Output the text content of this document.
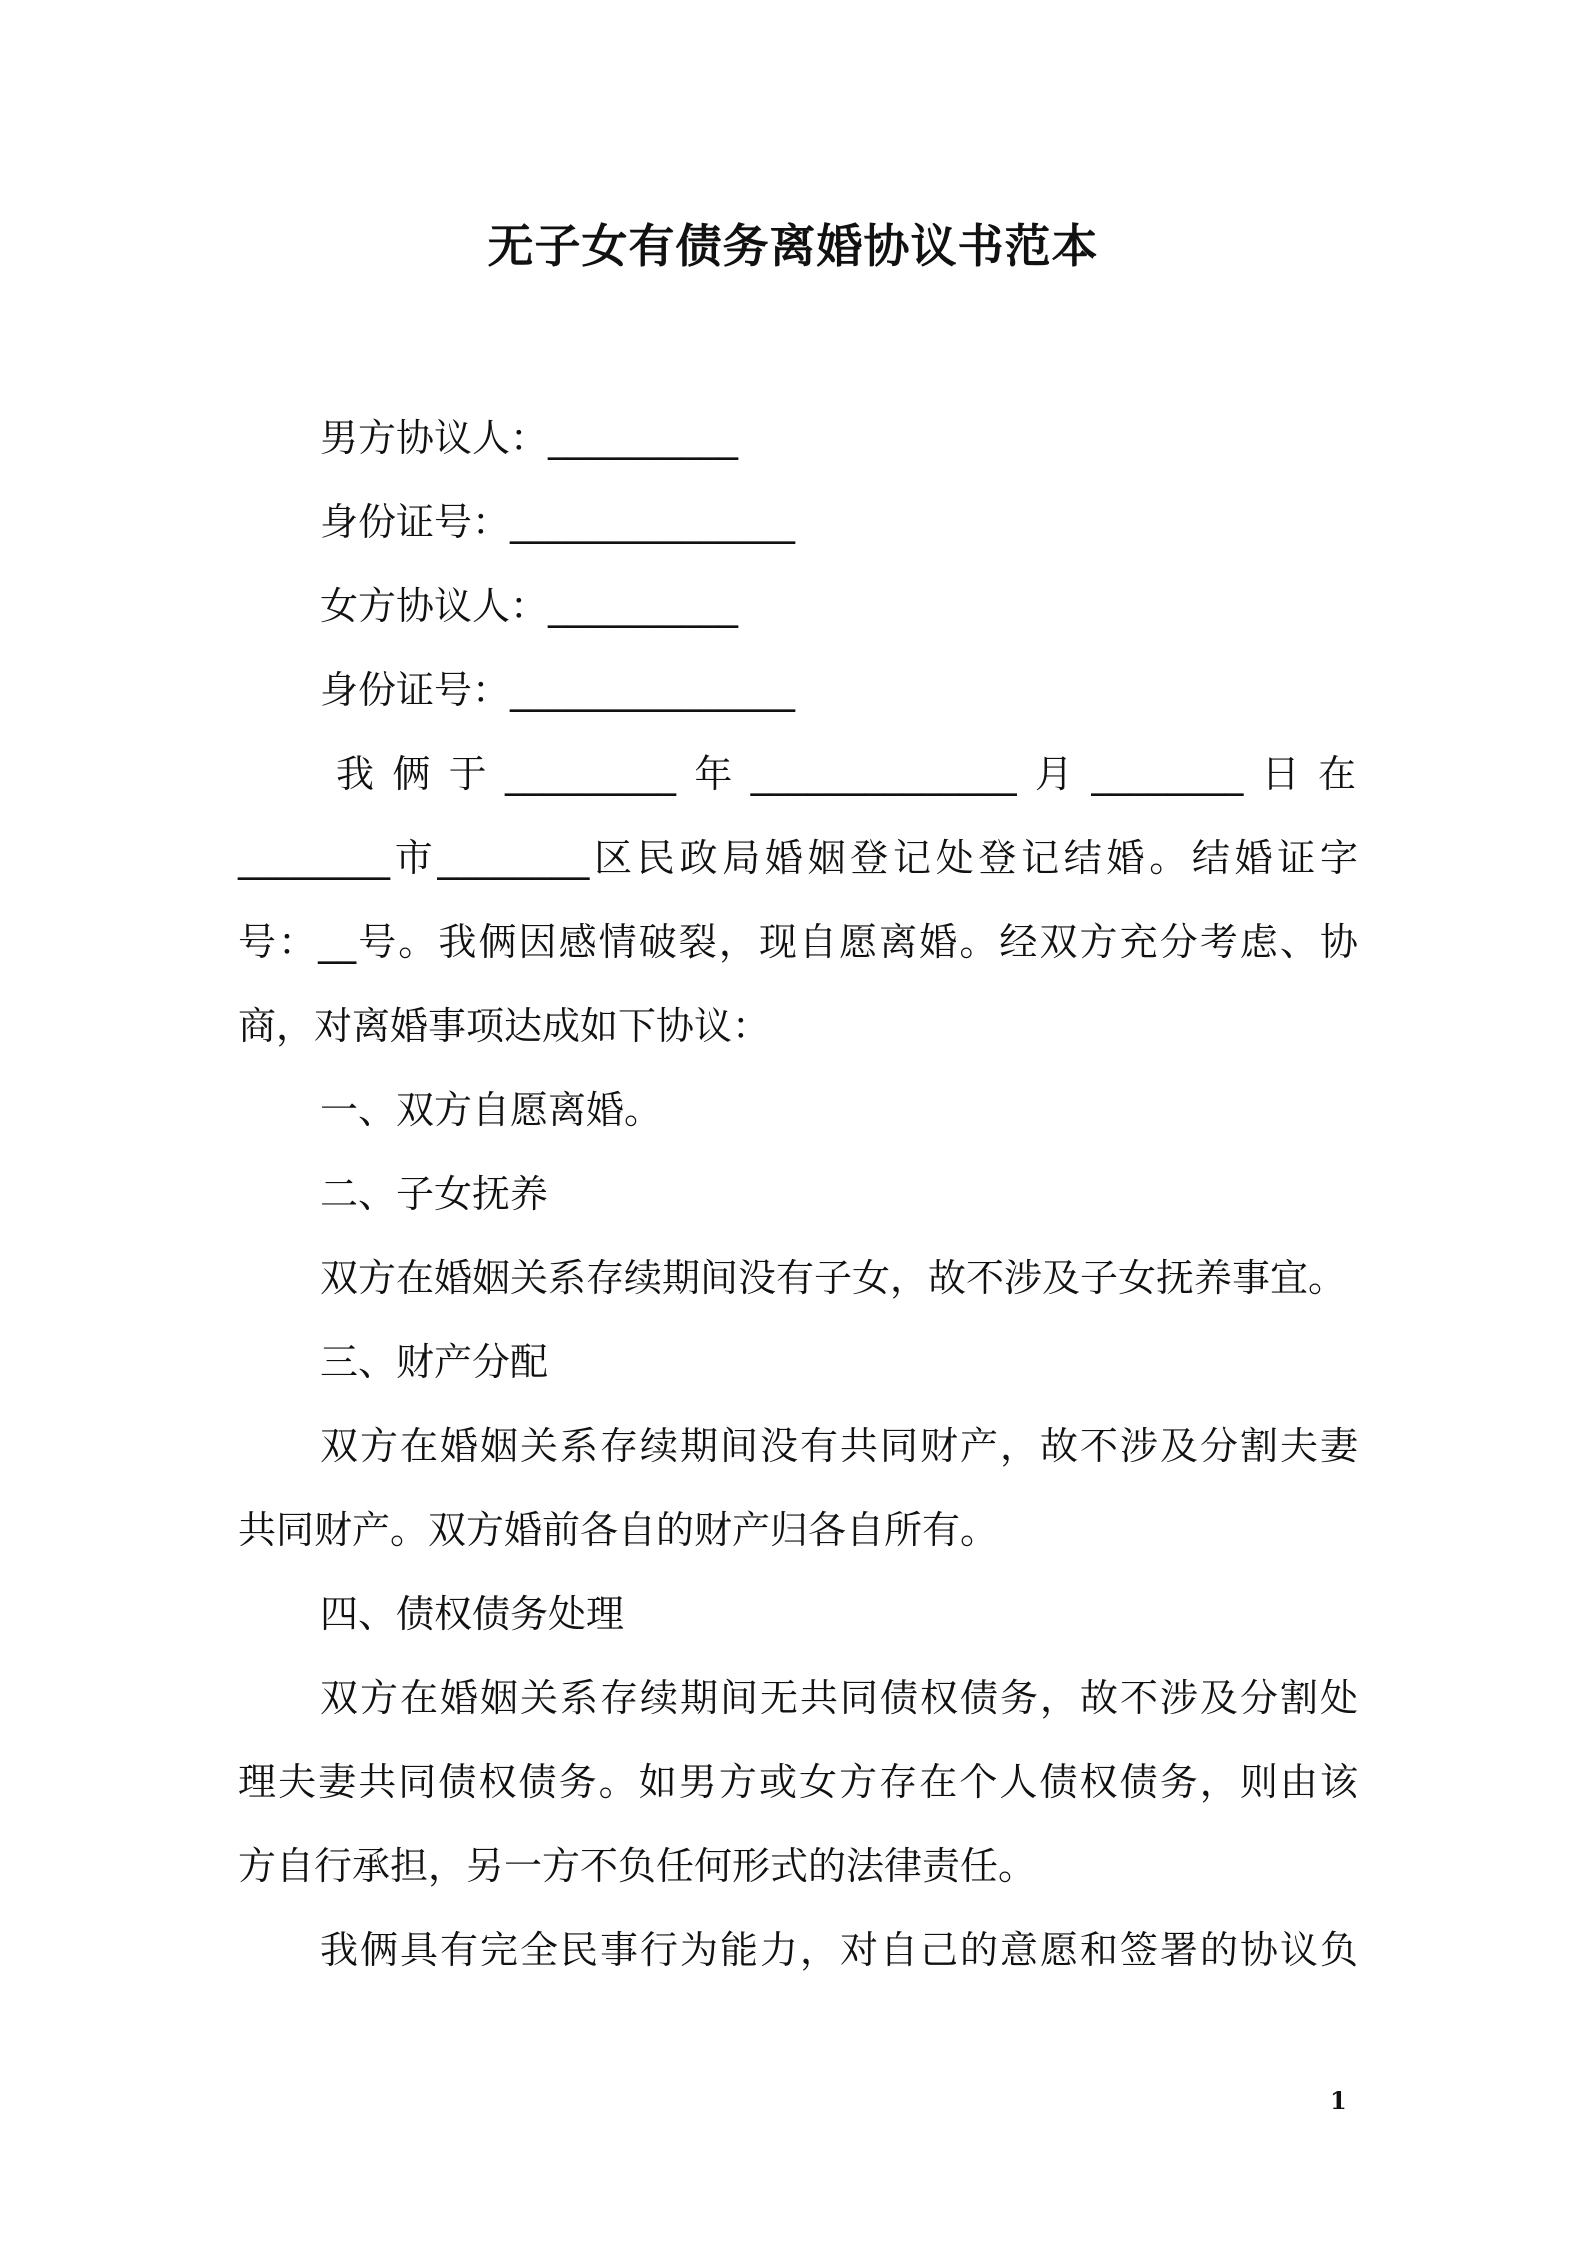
无子女有债务离婚协议书范本
男方协议人：__________
身份证号：_______________
女方协议人：__________
身份证号：_______________
我俩于_________年______________月________日在
________市________区民政局婚姻登记处登记结婚。结婚证字
号：__号。我俩因感情破裂，现自愿离婚。经双方充分考虑、协
商，对离婚事项达成如下协议：
一、双方自愿离婚。
二、子女抚养
双方在婚姻关系存续期间没有子女，故不涉及子女抚养事宜。
三、财产分配
双方在婚姻关系存续期间没有共同财产，故不涉及分割夫妻
共同财产。双方婚前各自的财产归各自所有。
四、债权债务处理
双方在婚姻关系存续期间无共同债权债务，故不涉及分割处
理夫妻共同债权债务。如男方或女方存在个人债权债务，则由该
方自行承担，另一方不负任何形式的法律责任。
我俩具有完全民事行为能力，对自己的意愿和签署的协议负
1
